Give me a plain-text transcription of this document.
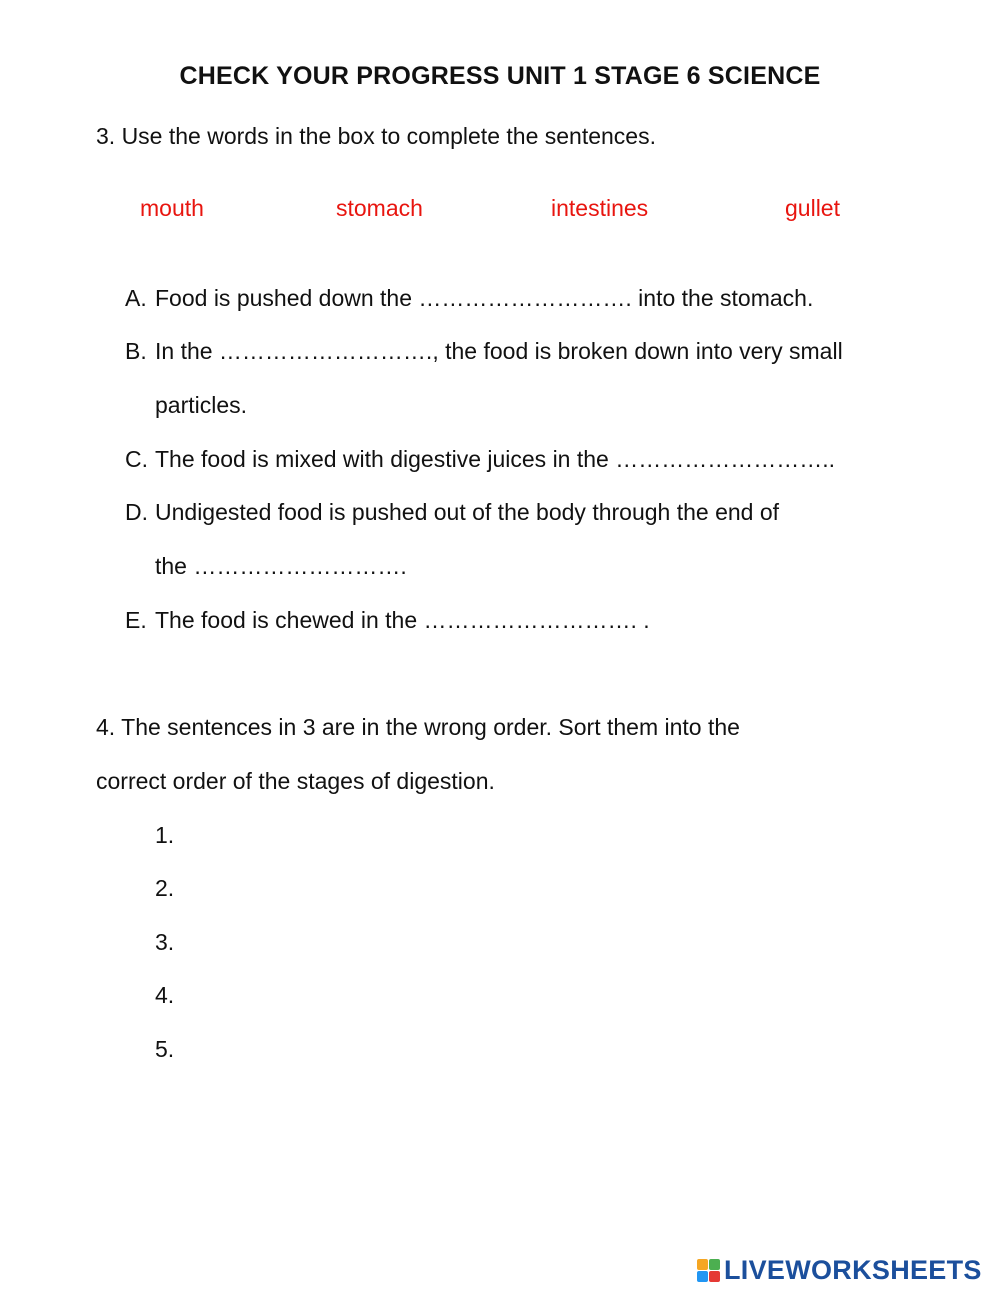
CHECK YOUR PROGRESS UNIT 1 STAGE 6 SCIENCE
3. Use the words in the box to complete the sentences.
mouth	stomach	intestines	gullet
A. Food is pushed down the ………………………. into the stomach.
B. In the ………………………., the food is broken down into very small
particles.
C. The food is mixed with digestive juices in the ………………………..
D. Undigested food is pushed out of the body through the end of
the ……………………….
E. The food is chewed in the ………………………. .
4. The sentences in 3 are in the wrong order. Sort them into the
correct order of the stages of digestion.
1.
2.
3.
4.
5.
LIVEWORKSHEETS
